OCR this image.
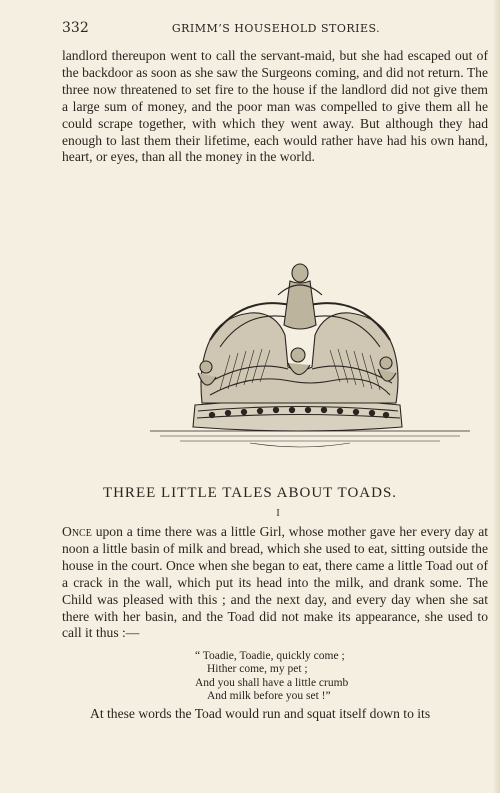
332	GRIMM’S HOUSEHOLD STORIES.

landlord thereupon went to call the servant-maid, but she had escaped out of the backdoor as soon as she saw the Surgeons coming, and did not return. The three now threatened to set fire to the house if the landlord did not give them a large sum of money, and the poor man was compelled to give them all he could scrape together, with which they went away. But although they had enough to last them their lifetime, each would rather have had his own hand, heart, or eyes, than all the money in the world.

THREE LITTLE TALES ABOUT TOADS.
I

Once upon a time there was a little Girl, whose mother gave her every day at noon a little basin of milk and bread, which she used to eat, sitting outside the house in the court. Once when she began to eat, there came a little Toad out of a crack in the wall, which put its head into the milk, and drank some. The Child was pleased with this ; and the next day, and every day when she sat there with her basin, and the Toad did not make its appearance, she used to call it thus :—

“ Toadie, Toadie, quickly come ;
Hither come, my pet ;
And you shall have a little crumb
And milk before you set !”

At these words the Toad would run and squat itself down to its
